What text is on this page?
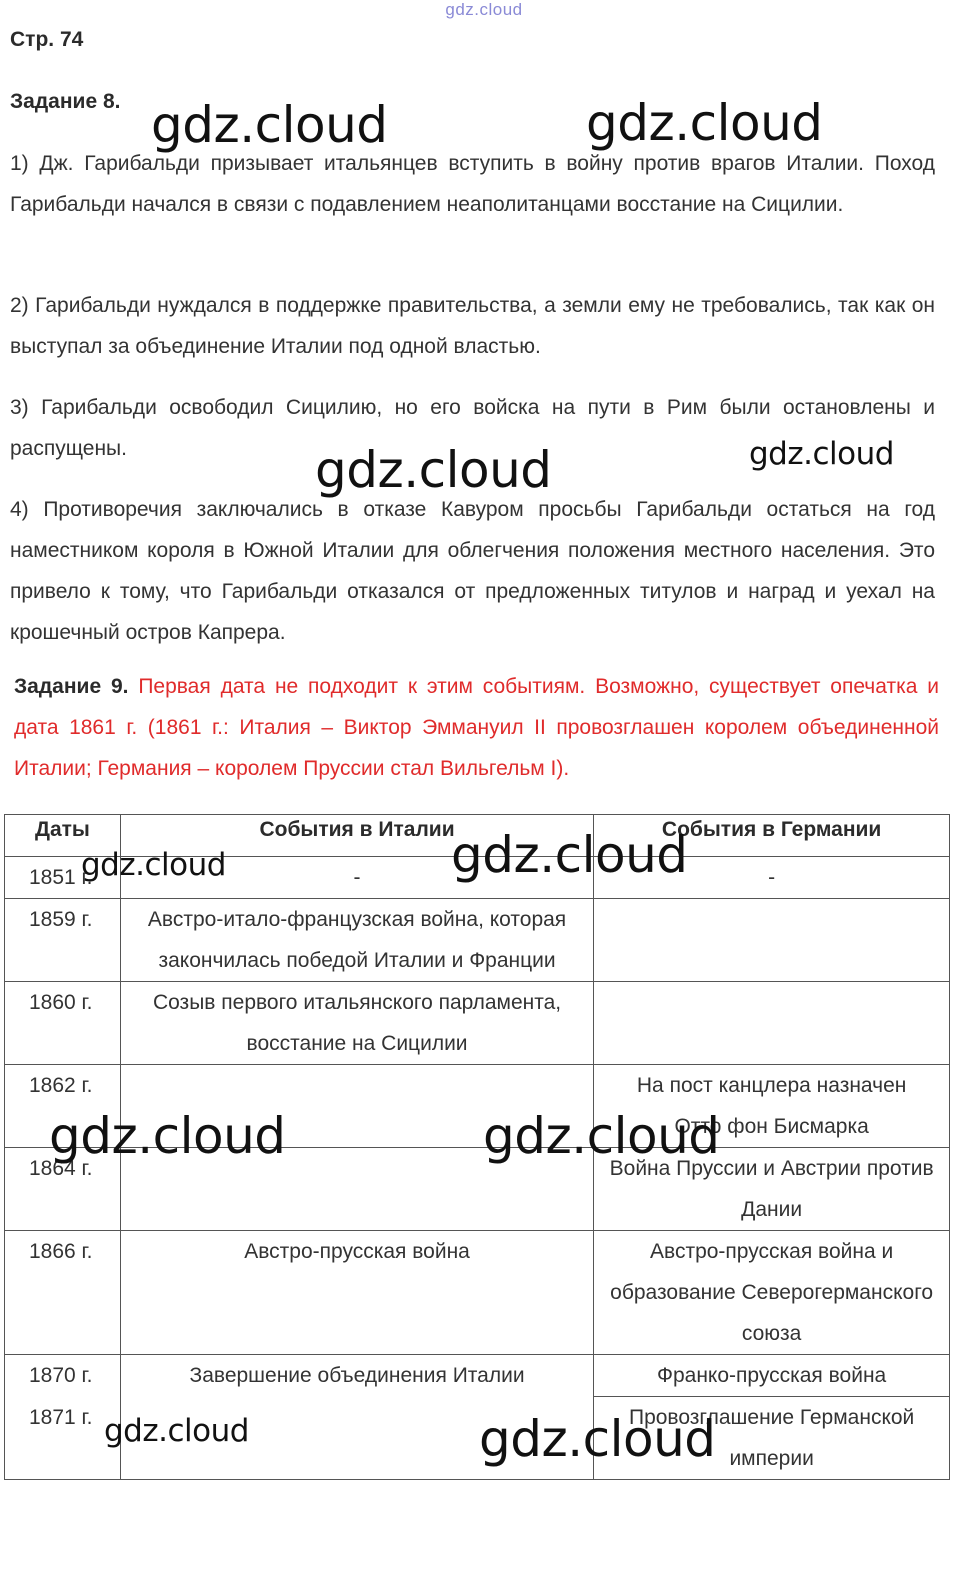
gdz.cloud
Стр. 74
Задание 8.
1) Дж. Гарибальди призывает итальянцев вступить в войну против врагов Италии. Поход Гарибальди начался в связи с подавлением неаполитанцами восстание на Сицилии.
2) Гарибальди нуждался в поддержке правительства, а земли ему не требовались, так как он выступал за объединение Италии под одной властью.
3) Гарибальди освободил Сицилию, но его войска на пути в Рим были остановлены и распущены.
4) Противоречия заключались в отказе Кавуром просьбы Гарибальди остаться на год наместником короля в Южной Италии для облегчения положения местного населения. Это привело к тому, что Гарибальди отказался от предложенных титулов и наград и уехал на крошечный остров Капрера.
Задание 9. Первая дата не подходит к этим событиям. Возможно, существует опечатка и дата 1861 г. (1861 г.: Италия – Виктор Эммануил II провозглашен королем объединенной Италии; Германия – королем Пруссии стал Вильгельм I).
Даты	События в Италии	События в Германии
1851 г.	-	-
1859 г.	Австро-итало-французская война, которая закончилась победой Италии и Франции	
1860 г.	Созыв первого итальянского парламента, восстание на Сицилии	
1862 г.		На пост канцлера назначен Отто фон Бисмарка
1864 г.		Война Пруссии и Австрии против Дании
1866 г.	Австро-прусская война	Австро-прусская война и образование Северогерманского союза
1870 г.	Завершение объединения Италии	Франко-прусская война
1871 г.		Провозглашение Германской империи
gdz.cloud	gdz.cloud
gdz.cloud	gdz.cloud
gdz.cloud	gdz.cloud
gdz.cloud	gdz.cloud
gdz.cloud	gdz.cloud
